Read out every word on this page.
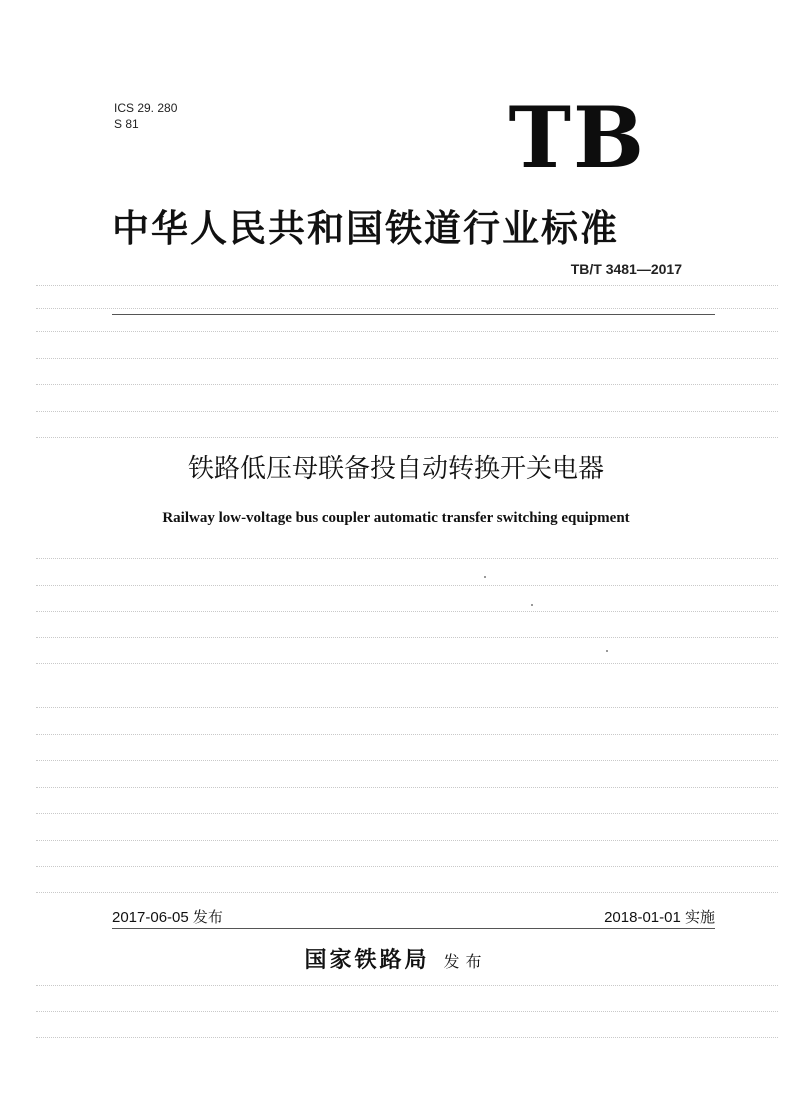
ICS 29. 280
S 81	TB
中华人民共和国铁道行业标准
TB/T 3481—2017
铁路低压母联备投自动转换开关电器
Railway low-voltage bus coupler automatic transfer switching equipment
2017-06-05 发布	2018-01-01 实施
国家铁路局 发布
